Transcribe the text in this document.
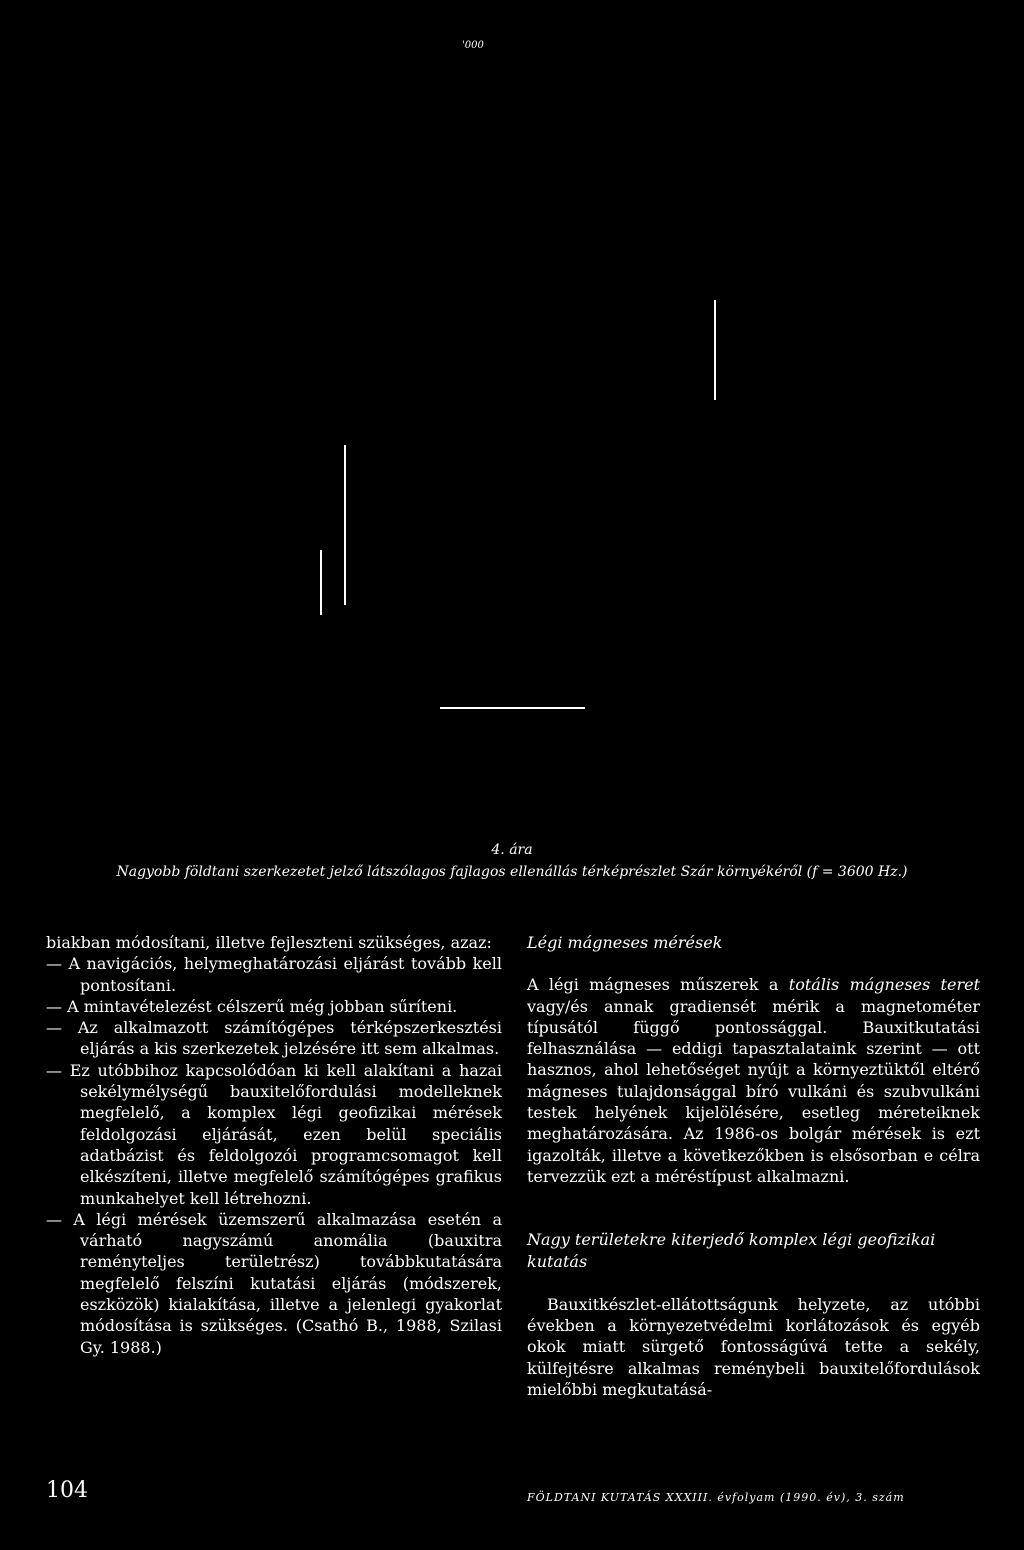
'000
4. ára
Nagyobb földtani szerkezetet jelző látszólagos fajlagos ellenállás térképrészlet Szár környékéről (f = 3600 Hz.)

biakban módosítani, illetve fejleszteni szükséges, azaz:

— A navigációs, helymeghatározási eljárást tovább kell pontosítani.

— A mintavételezést célszerű még jobban sűríteni.

— Az alkalmazott számítógépes térképszerkesztési eljárás a kis szerkezetek jelzésére itt sem alkalmas.

— Ez utóbbihoz kapcsolódóan ki kell alakítani a hazai sekélymélységű bauxitelőfordulási modelleknek megfelelő, a komplex légi geofizikai mérések feldolgozási eljárását, ezen belül speciális adatbázist és feldolgozói programcsomagot kell elkészíteni, illetve megfelelő számítógépes grafikus munkahelyet kell létrehozni.

— A légi mérések üzemszerű alkalmazása esetén a várható nagyszámú anomália (bauxitra reményteljes területrész) továbbkutatására megfelelő felszíni kutatási eljárás (módszerek, eszközök) kialakítása, illetve a jelenlegi gyakorlat módosítása is szükséges. (Csathó B., 1988, Szilasi Gy. 1988.)

Légi mágneses mérések

A légi mágneses műszerek a totális mágneses teret vagy/és annak gradiensét mérik a magnetométer típusától függő pontossággal. Bauxitkutatási felhasználása — eddigi tapasztalataink szerint — ott hasznos, ahol lehetőséget nyújt a környeztüktől eltérő mágneses tulajdonsággal bíró vulkáni és szubvulkáni testek helyének kijelölésére, esetleg méreteiknek meghatározására. Az 1986-os bolgár mérések is ezt igazolták, illetve a következőkben is elsősorban e célra tervezzük ezt a méréstípust alkalmazni.

Nagy területekre kiterjedő komplex légi geofizikai kutatás

Bauxitkészlet-ellátottságunk helyzete, az utóbbi években a környezetvédelmi korlátozások és egyéb okok miatt sürgető fontosságúvá tette a sekély, külfejtésre alkalmas reménybeli bauxitelőfordulások mielőbbi megkutatásá-

104	FÖLDTANI KUTATÁS XXXIII. évfolyam (1990. év), 3. szám
